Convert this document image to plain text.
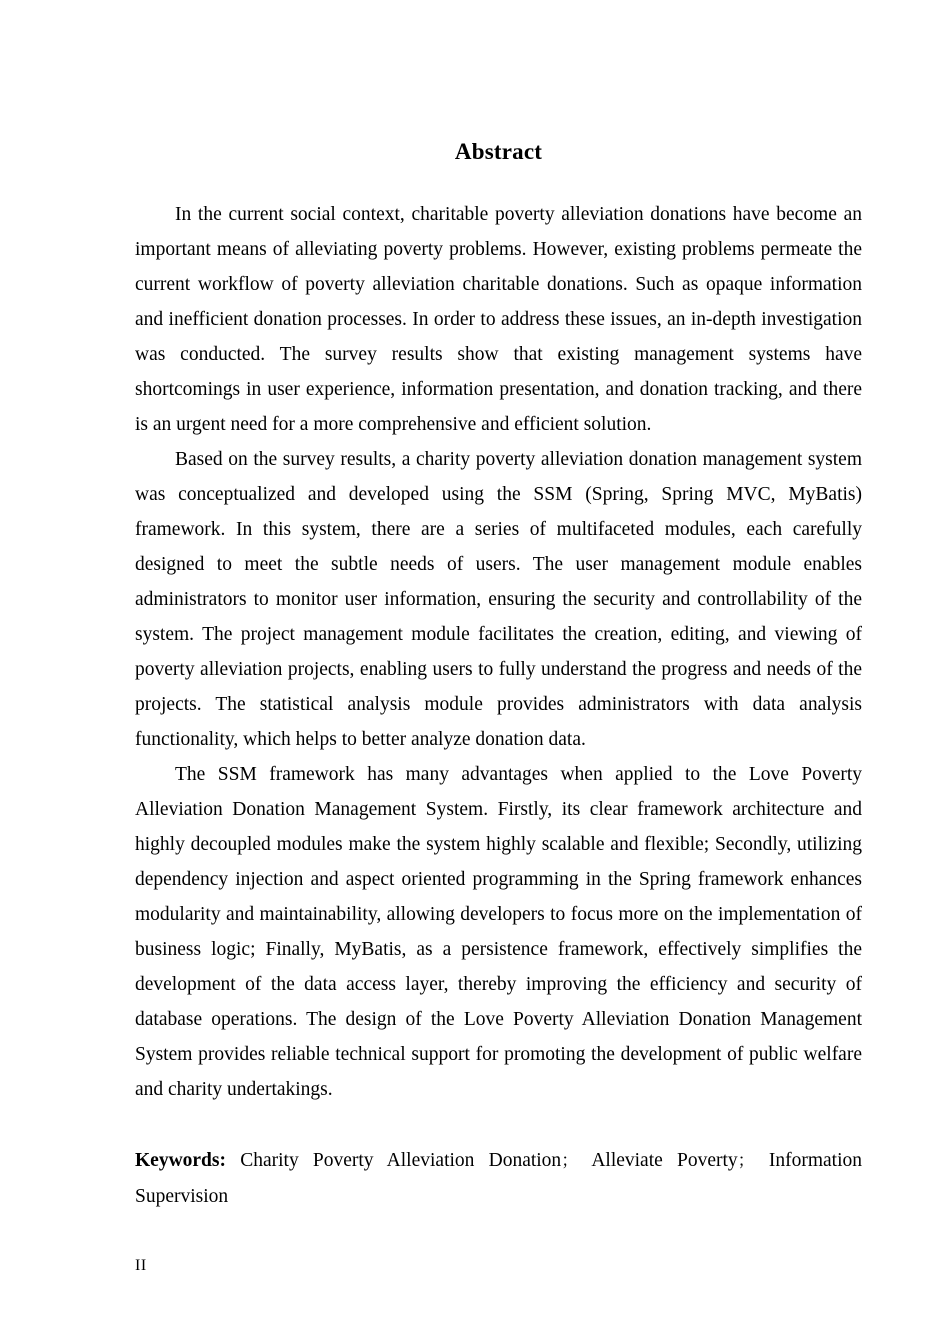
Abstract

In the current social context, charitable poverty alleviation donations have become an important means of alleviating poverty problems. However, existing problems permeate the current workflow of poverty alleviation charitable donations. Such as opaque information and inefficient donation processes. In order to address these issues, an in-depth investigation was conducted. The survey results show that existing management systems have shortcomings in user experience, information presentation, and donation tracking, and there is an urgent need for a more comprehensive and efficient solution.

Based on the survey results, a charity poverty alleviation donation management system was conceptualized and developed using the SSM (Spring, Spring MVC, MyBatis) framework. In this system, there are a series of multifaceted modules, each carefully designed to meet the subtle needs of users. The user management module enables administrators to monitor user information, ensuring the security and controllability of the system. The project management module facilitates the creation, editing, and viewing of poverty alleviation projects, enabling users to fully understand the progress and needs of the projects. The statistical analysis module provides administrators with data analysis functionality, which helps to better analyze donation data.

The SSM framework has many advantages when applied to the Love Poverty Alleviation Donation Management System. Firstly, its clear framework architecture and highly decoupled modules make the system highly scalable and flexible; Secondly, utilizing dependency injection and aspect oriented programming in the Spring framework enhances modularity and maintainability, allowing developers to focus more on the implementation of business logic; Finally, MyBatis, as a persistence framework, effectively simplifies the development of the data access layer, thereby improving the efficiency and security of database operations. The design of the Love Poverty Alleviation Donation Management System provides reliable technical support for promoting the development of public welfare and charity undertakings.

Keywords: Charity Poverty Alleviation Donation； Alleviate Poverty； Information Supervision

II
